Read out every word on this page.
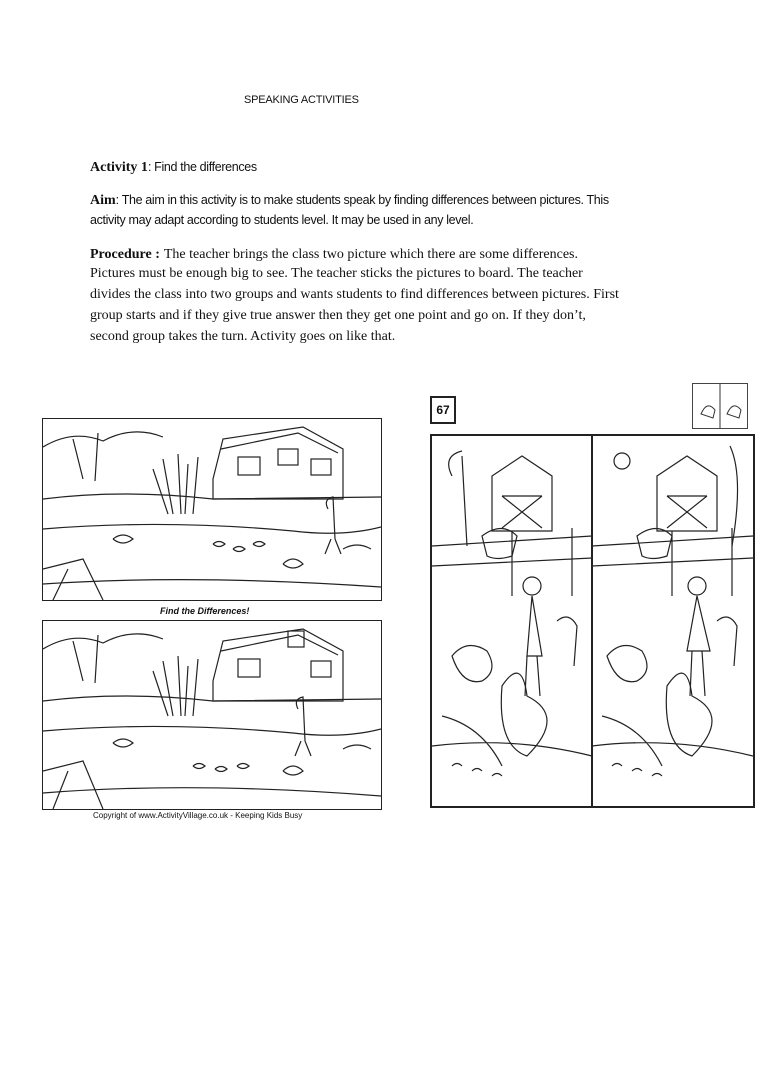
SPEAKING ACTIVITIES
Activity 1: Find the differences
Aim: The aim in this activity is to make students speak by finding differences between pictures. This
activity may adapt according to students level. It may be used in any level.
Procedure : The teacher brings the class two picture which there are some differences.
Pictures must be enough big to see. The teacher sticks the pictures to board. The teacher
divides the class into two groups and wants students to find differences between pictures. First
group starts and if they give true answer then they get one point and go on. If they don’t,
second group takes the turn. Activity goes on like that.
Find the Differences!
Copyright of www.ActivityVillage.co.uk - Keeping Kids Busy
67
